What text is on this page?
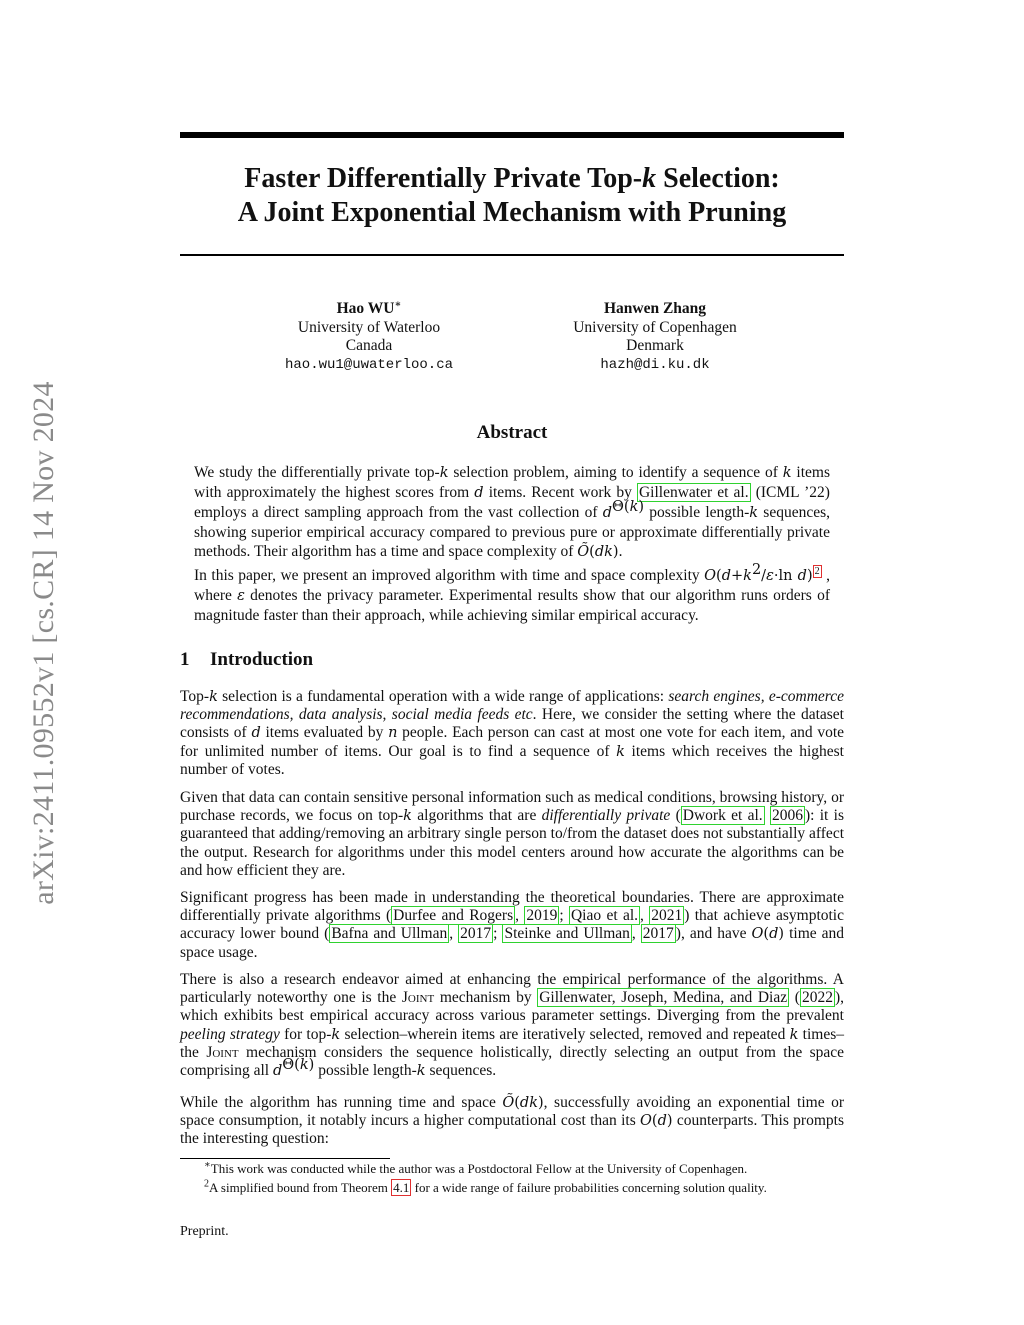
arXiv:2411.09552v1 [cs.CR] 14 Nov 2024
Faster Differentially Private Top-k Selection:
A Joint Exponential Mechanism with Pruning
Hao WU∗
University of Waterloo
Canada
hao.wu1@uwaterloo.ca
Hanwen Zhang
University of Copenhagen
Denmark
hazh@di.ku.dk
Abstract
We study the differentially private top-k selection problem, aiming to identify a sequence of k items with approximately the highest scores from d items. Recent work by Gillenwater et al. (ICML ’22) employs a direct sampling approach from the vast collection of $d^{\Theta(k)}$ possible length-k sequences, showing superior empirical accuracy compared to previous pure or approximate differentially private methods. Their algorithm has a time and space complexity of Õ(dk).
In this paper, we present an improved algorithm with time and space complexity $O(d+k^2/\varepsilon\cdot\ln$ d) $^2$ , where ε denotes the privacy parameter. Experimental results show that our algorithm runs orders of magnitude faster than their approach, while achieving similar empirical accuracy.
1 Introduction
Top-k selection is a fundamental operation with a wide range of applications: search engines, e-commerce recommendations, data analysis, social media feeds etc. Here, we consider the setting where the dataset consists of d items evaluated by n people. Each person can cast at most one vote for each item, and vote for unlimited number of items. Our goal is to find a sequence of k items which receives the highest number of votes.
Given that data can contain sensitive personal information such as medical conditions, browsing history, or purchase records, we focus on top-k algorithms that are differentially private ( Dwork et al. 2006 ): it is guaranteed that adding/removing an arbitrary single person to/from the dataset does not substantially affect the output. Research for algorithms under this model centers around how accurate the algorithms can be and how efficient they are.
Significant progress has been made in understanding the theoretical boundaries. There are approximate differentially private algorithms ( Durfee and Rogers , 2019 ; Qiao et al. , 2021 ) that achieve asymptotic accuracy lower bound ( Bafna and Ullman , 2017 ; Steinke and Ullman , 2017 ), and have O(d) time and space usage.
There is also a research endeavor aimed at enhancing the empirical performance of the algorithms. A particularly noteworthy one is the Joint mechanism by Gillenwater, Joseph, Medina, and Diaz ( 2022 ), which exhibits best empirical accuracy across various parameter settings. Diverging from the prevalent peeling strategy for top-k selection–wherein items are iteratively selected, removed and repeated k times–the Joint mechanism considers the sequence holistically, directly selecting an output from the space comprising all $d^{\Theta(k)}$ possible length-k sequences.
While the algorithm has running time and space Õ(dk), successfully avoiding an exponential time or space consumption, it notably incurs a higher computational cost than its O(d) counterparts. This prompts the interesting question:
∗This work was conducted while the author was a Postdoctoral Fellow at the University of Copenhagen.
$^2$A simplified bound from Theorem 4.1 for a wide range of failure probabilities concerning solution quality.
Preprint.
